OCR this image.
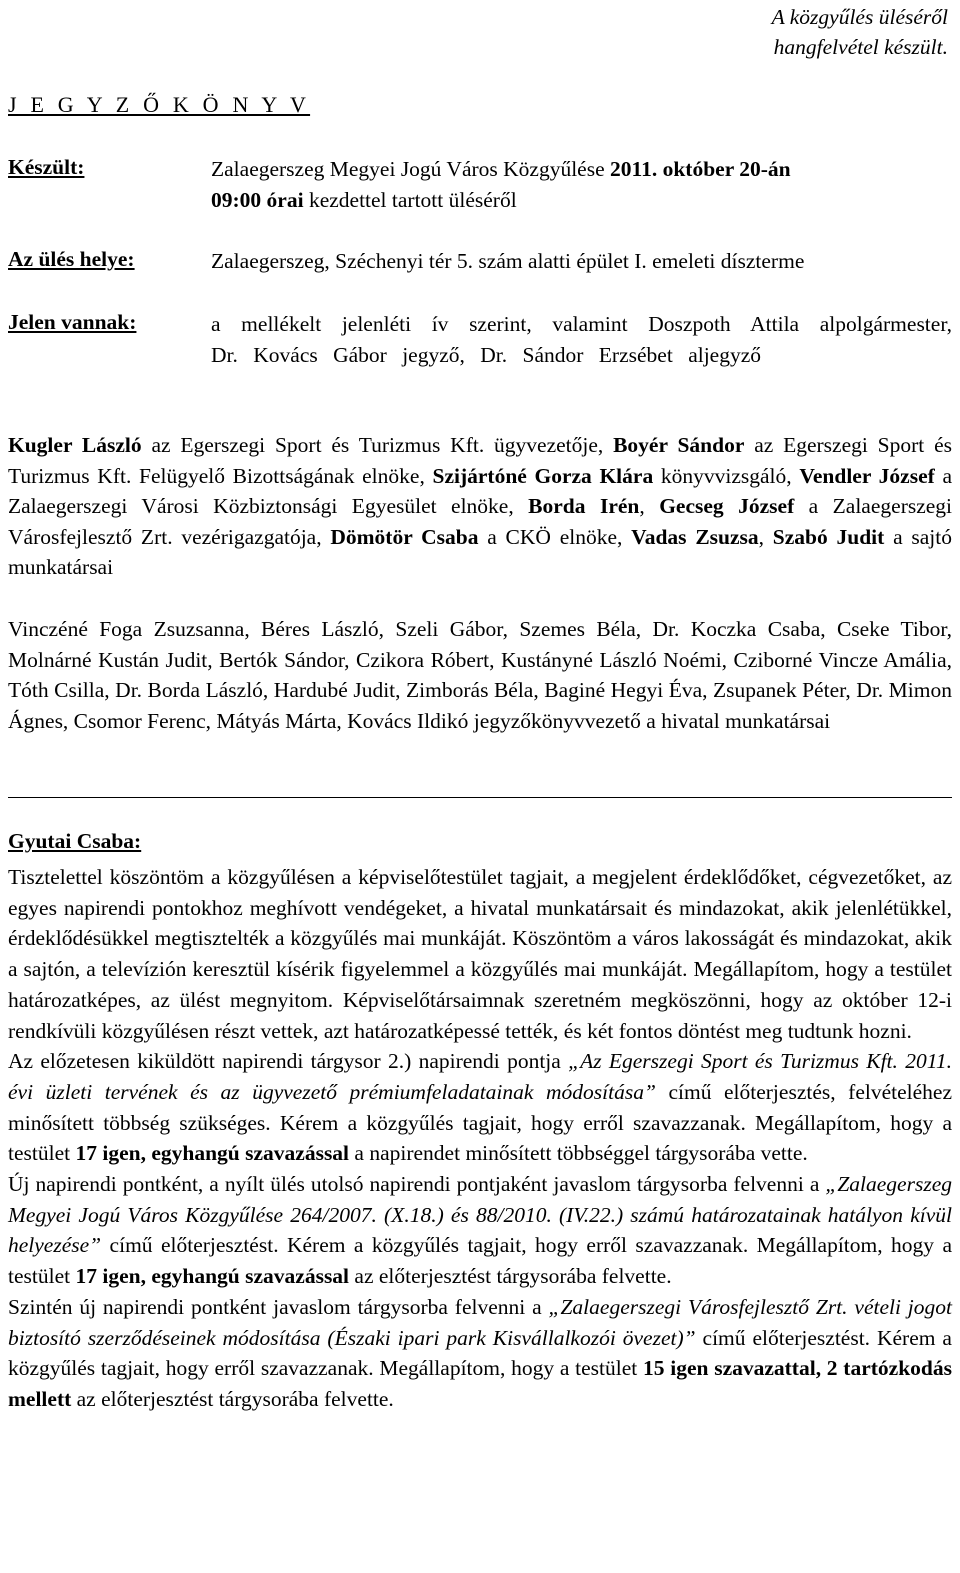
A közgyűlés üléséről
hangfelvétel készült.
J E G Y Z Ő K Ö N Y V
Készült:	Zalaegerszeg Megyei Jogú Város Közgyűlése 2011. október 20-án
09:00 órai kezdettel tartott üléséről
Az ülés helye:	Zalaegerszeg, Széchenyi tér 5. szám alatti épület I. emeleti díszterme
Jelen vannak:	a mellékelt jelenléti ív szerint, valamint Doszpoth Attila alpolgármester, Dr. Kovács Gábor jegyző, Dr. Sándor Erzsébet aljegyző
Kugler László az Egerszegi Sport és Turizmus Kft. ügyvezetője, Boyér Sándor az Egerszegi Sport és Turizmus Kft. Felügyelő Bizottságának elnöke, Szijártóné Gorza Klára könyvvizsgáló, Vendler József a Zalaegerszegi Városi Közbiztonsági Egyesület elnöke, Borda Irén, Gecseg József a Zalaegerszegi Városfejlesztő Zrt. vezérigazgatója, Dömötör Csaba a CKÖ elnöke, Vadas Zsuzsa, Szabó Judit a sajtó munkatársai
Vinczéné Foga Zsuzsanna, Béres László, Szeli Gábor, Szemes Béla, Dr. Koczka Csaba, Cseke Tibor, Molnárné Kustán Judit, Bertók Sándor, Czikora Róbert, Kustányné László Noémi, Cziborné Vincze Amália, Tóth Csilla, Dr. Borda László, Hardubé Judit, Zimborás Béla, Baginé Hegyi Éva, Zsupanek Péter, Dr. Mimon Ágnes, Csomor Ferenc, Mátyás Márta, Kovács Ildikó jegyzőkönyvvezető a hivatal munkatársai
Gyutai Csaba:

Tisztelettel köszöntöm a közgyűlésen a képviselőtestület tagjait, a megjelent érdeklődőket, cégvezetőket, az egyes napirendi pontokhoz meghívott vendégeket, a hivatal munkatársait és mindazokat, akik jelenlétükkel, érdeklődésükkel megtisztelték a közgyűlés mai munkáját. Köszöntöm a város lakosságát és mindazokat, akik a sajtón, a televízión keresztül kísérik figyelemmel a közgyűlés mai munkáját. Megállapítom, hogy a testület határozatképes, az ülést megnyitom. Képviselőtársaimnak szeretném megköszönni, hogy az október 12-i rendkívüli közgyűlésen részt vettek, azt határozatképessé tették, és két fontos döntést meg tudtunk hozni.

Az előzetesen kiküldött napirendi tárgysor 2.) napirendi pontja „Az Egerszegi Sport és Turizmus Kft. 2011. évi üzleti tervének és az ügyvezető prémiumfeladatainak módosítása” című előterjesztés, felvételéhez minősített többség szükséges. Kérem a közgyűlés tagjait, hogy erről szavazzanak. Megállapítom, hogy a testület 17 igen, egyhangú szavazással a napirendet minősített többséggel tárgysorába vette.

Új napirendi pontként, a nyílt ülés utolsó napirendi pontjaként javaslom tárgysorba felvenni a „Zalaegerszeg Megyei Jogú Város Közgyűlése 264/2007. (X.18.) és 88/2010. (IV.22.) számú határozatainak hatályon kívül helyezése” című előterjesztést. Kérem a közgyűlés tagjait, hogy erről szavazzanak. Megállapítom, hogy a testület 17 igen, egyhangú szavazással az előterjesztést tárgysorába felvette.

Szintén új napirendi pontként javaslom tárgysorba felvenni a „Zalaegerszegi Városfejlesztő Zrt. vételi jogot biztosító szerződéseinek módosítása (Északi ipari park Kisvállalkozói övezet)” című előterjesztést. Kérem a közgyűlés tagjait, hogy erről szavazzanak. Megállapítom, hogy a testület 15 igen szavazattal, 2 tartózkodás mellett az előterjesztést tárgysorába felvette.
